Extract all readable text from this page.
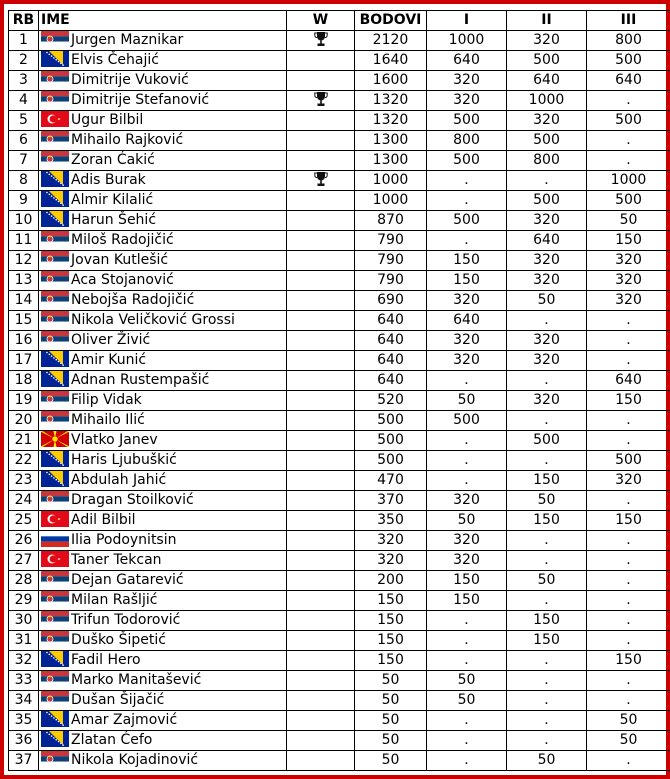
RB	IME	W	BODOVI	I	II	III
1	Jurgen Maznikar		2120	1000	320	800
2	Elvis Čehajić		1640	640	500	500
3	Dimitrije Vuković		1600	320	640	640
4	Dimitrije Stefanović		1320	320	1000	.
5	Ugur Bilbil		1320	500	320	500
6	Mihailo Rajković		1300	800	500	.
7	Zoran Ćakić		1300	500	800	.
8	Adis Burak		1000	.	.	1000
9	Almir Kilalić		1000	.	500	500
10	Harun Šehić		870	500	320	50
11	Miloš Radojičić		790	.	640	150
12	Jovan Kutlešić		790	150	320	320
13	Aca Stojanović		790	150	320	320
14	Nebojša Radojičić		690	320	50	320
15	Nikola Veličković Grossi		640	640	.	.
16	Oliver Živić		640	320	320	.
17	Amir Kunić		640	320	320	.
18	Adnan Rustempašić		640	.	.	640
19	Filip Vidak		520	50	320	150
20	Mihailo Ilić		500	500	.	.
21	Vlatko Janev		500	.	500	.
22	Haris Ljubuškić		500	.	.	500
23	Abdulah Jahić		470	.	150	320
24	Dragan Stoilković		370	320	50	.
25	Adil Bilbil		350	50	150	150
26	Ilia Podoynitsin		320	320	.	.
27	Taner Tekcan		320	320	.	.
28	Dejan Gatarević		200	150	50	.
29	Milan Rašljić		150	150	.	.
30	Trifun Todorović		150	.	150	.
31	Duško Šipetić		150	.	150	.
32	Fadil Hero		150	.	.	150
33	Marko Manitašević		50	50	.	.
34	Dušan Šijačić		50	50	.	.
35	Amar Zajmović		50	.	.	50
36	Zlatan Ćefo		50	.	.	50
37	Nikola Kojadinović		50	.	50	.
